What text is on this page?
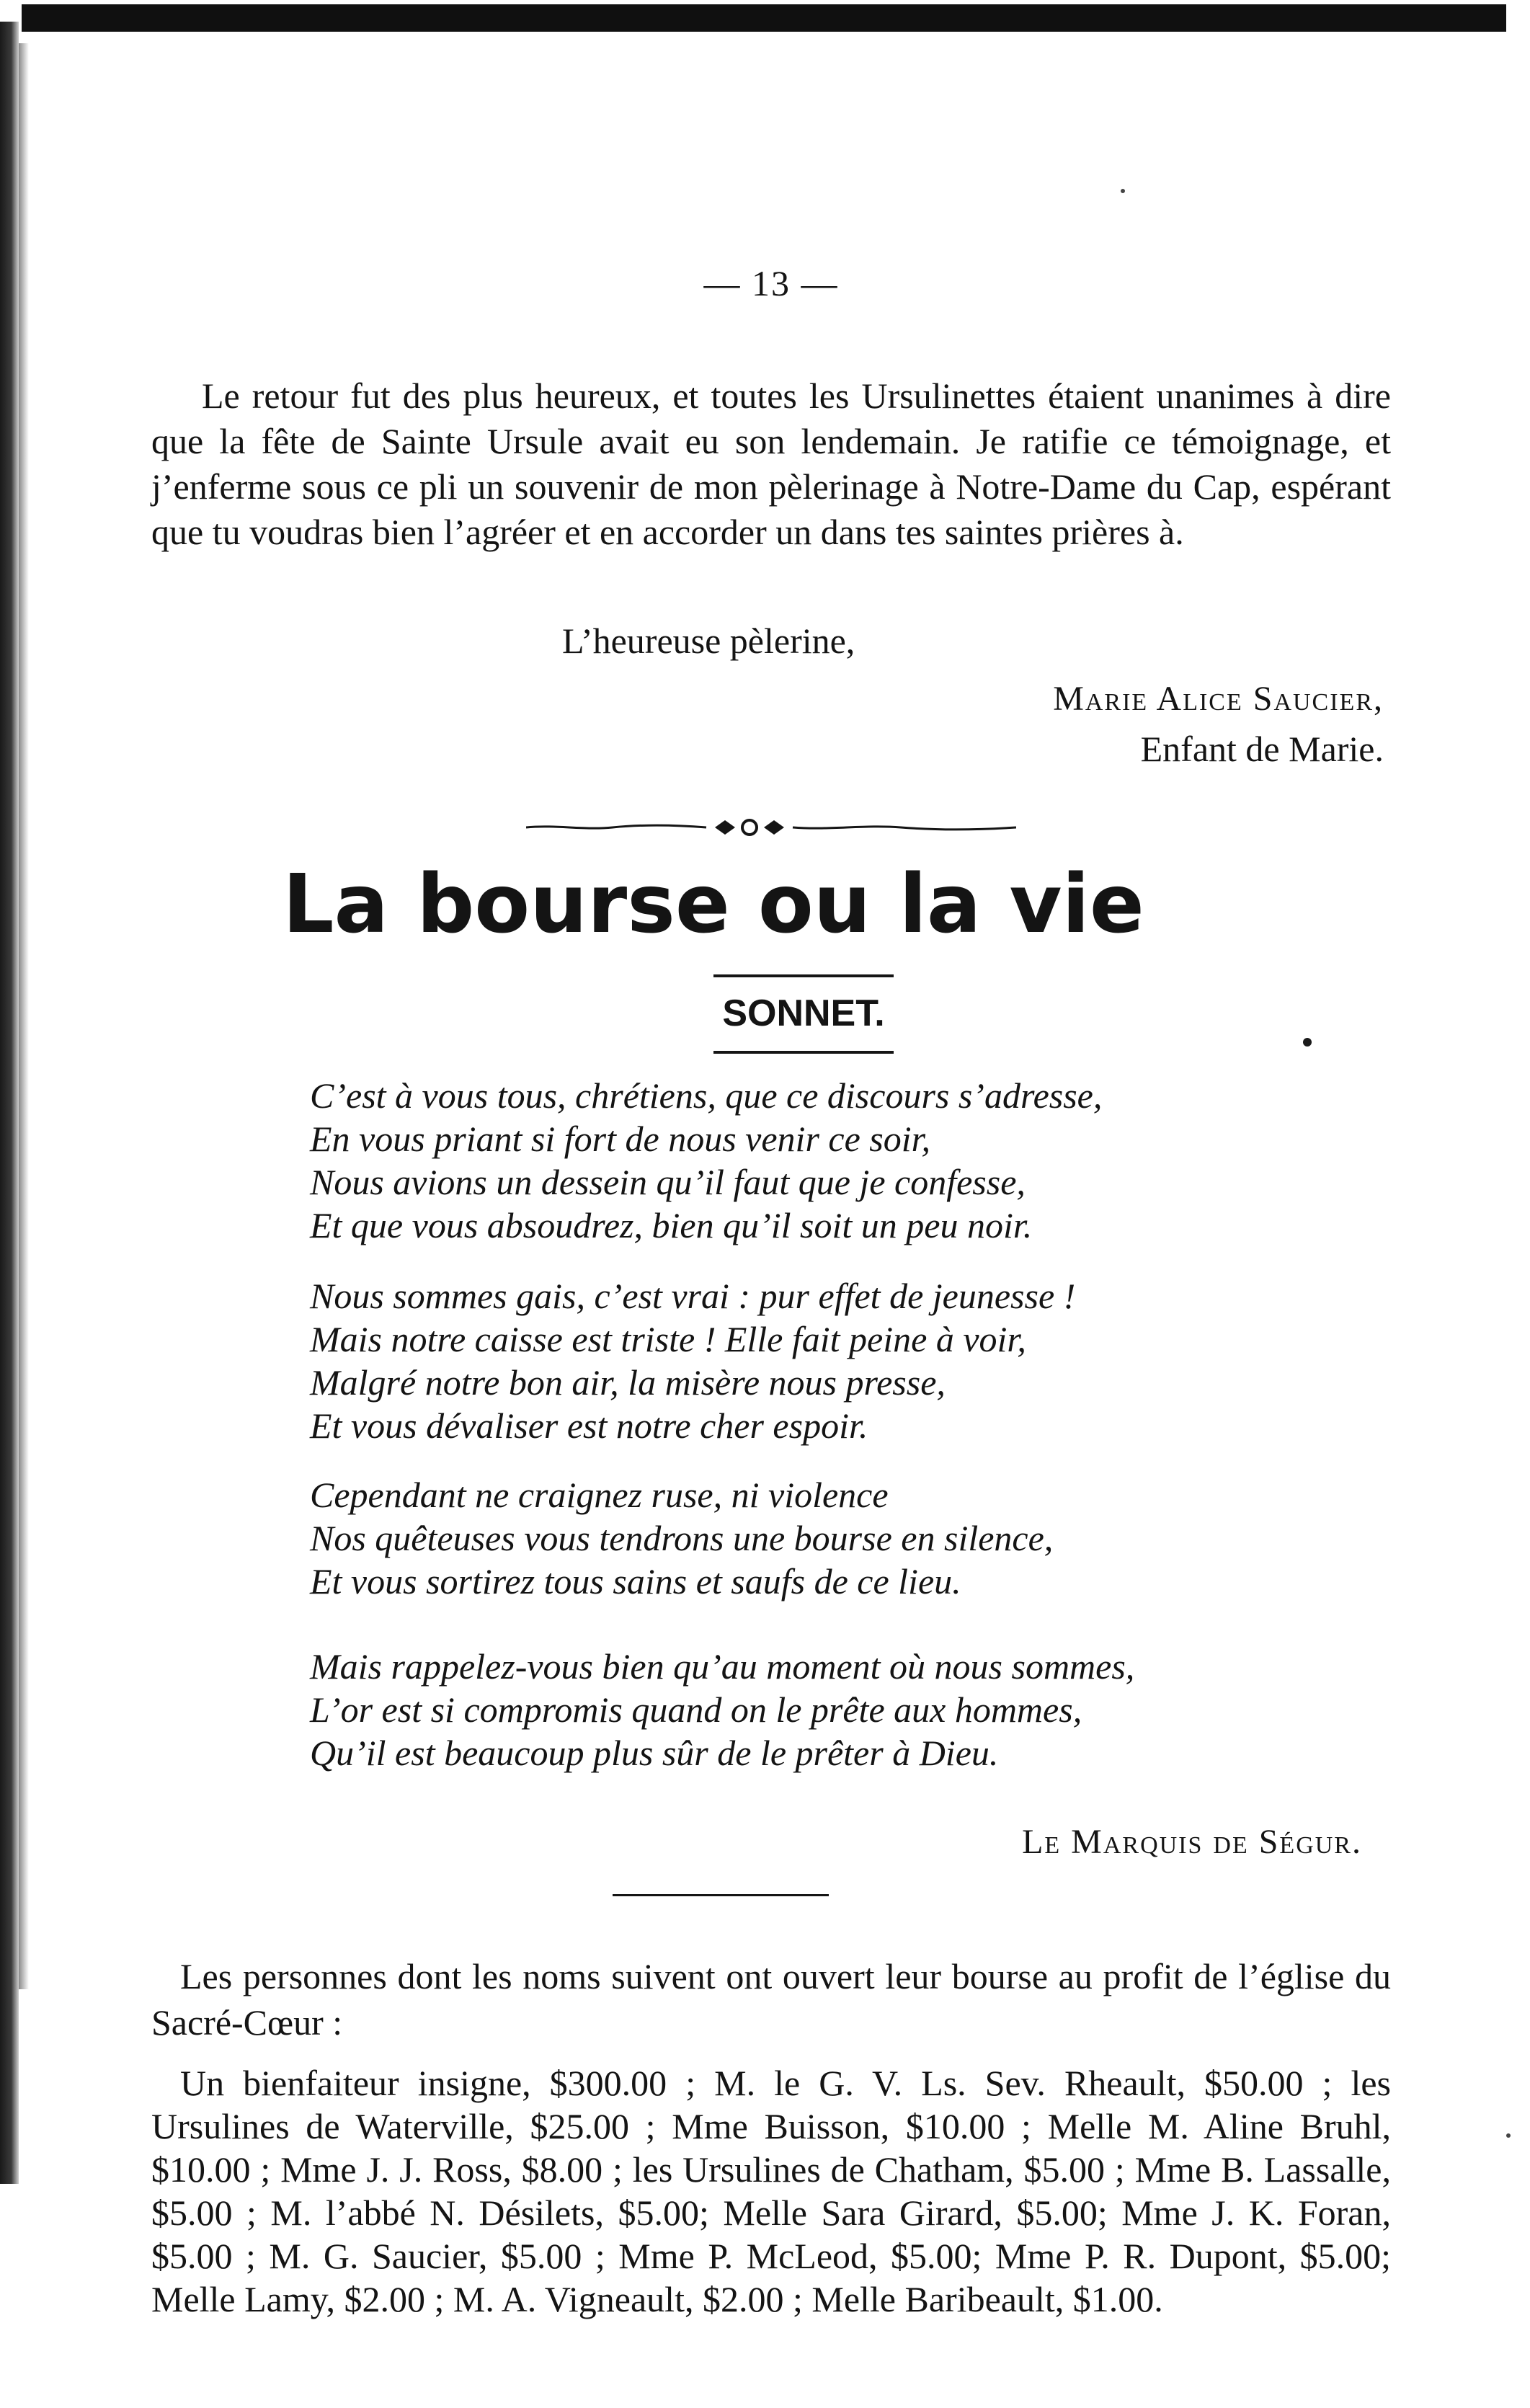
— 13 —

Le retour fut des plus heureux, et toutes les Ursulinettes étaient unanimes à dire que la fête de Sainte Ursule avait eu son lendemain. Je ratifie ce témoignage, et j’enferme sous ce pli un souvenir de mon pèlerinage à Notre-Dame du Cap, espérant que tu voudras bien l’agréer et en accorder un dans tes saintes prières à.

L’heureuse pèlerine,
Marie Alice Saucier,
Enfant de Marie.
La bourse ou la vie
SONNET.
C’est à vous tous, chrétiens, que ce discours s’adresse,
En vous priant si fort de nous venir ce soir,
Nous avions un dessein qu’il faut que je confesse,
Et que vous absoudrez, bien qu’il soit un peu noir.
Nous sommes gais, c’est vrai : pur effet de jeunesse !
Mais notre caisse est triste ! Elle fait peine à voir,
Malgré notre bon air, la misère nous presse,
Et vous dévaliser est notre cher espoir.
Cependant ne craignez ruse, ni violence
Nos quêteuses vous tendrons une bourse en silence,
Et vous sortirez tous sains et saufs de ce lieu.
Mais rappelez-vous bien qu’au moment où nous sommes,
L’or est si compromis quand on le prête aux hommes,
Qu’il est beaucoup plus sûr de le prêter à Dieu.
Le Marquis de Ségur.

Les personnes dont les noms suivent ont ouvert leur bourse au profit de l’église du Sacré-Cœur :

Un bienfaiteur insigne, $300.00 ; M. le G. V. Ls. Sev. Rheault, $50.00 ; les Ursulines de Waterville, $25.00 ; Mme Buisson, $10.00 ; Melle M. Aline Bruhl, $10.00 ; Mme J. J. Ross, $8.00 ; les Ursulines de Chatham, $5.00 ; Mme B. Lassalle, $5.00 ; M. l’abbé N. Désilets, $5.00; Melle Sara Girard, $5.00; Mme J. K. Foran, $5.00 ; M. G. Saucier, $5.00 ; Mme P. McLeod, $5.00; Mme P. R. Dupont, $5.00; Melle Lamy, $2.00 ; M. A. Vigneault, $2.00 ; Melle Baribeault, $1.00.
